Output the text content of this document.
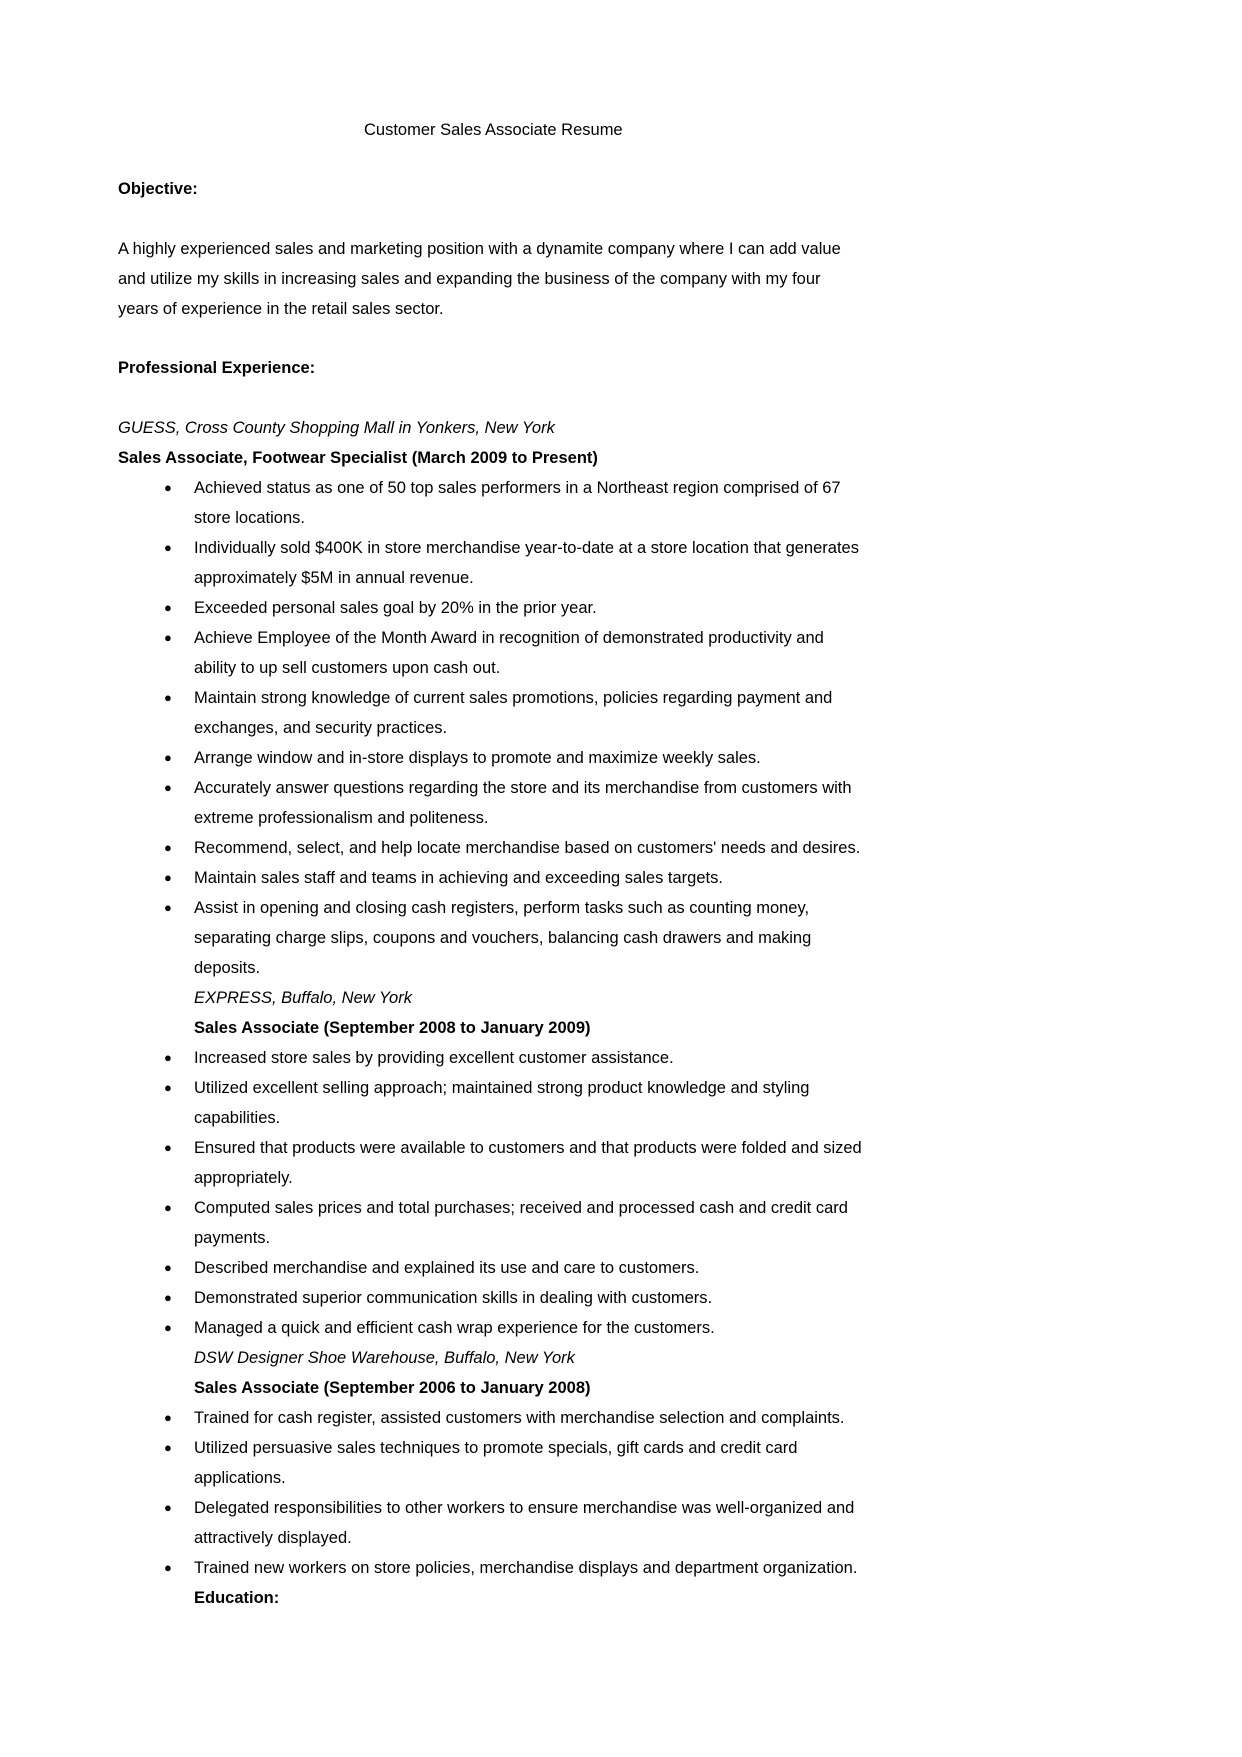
Customer Sales Associate Resume
Objective:
A highly experienced sales and marketing position with a dynamite company where I can add value
and utilize my skills in increasing sales and expanding the business of the company with my four
years of experience in the retail sales sector.
Professional Experience:
GUESS, Cross County Shopping Mall in Yonkers, New York
Sales Associate, Footwear Specialist (March 2009 to Present)
● Achieved status as one of 50 top sales performers in a Northeast region comprised of 67
store locations.
● Individually sold $400K in store merchandise year-to-date at a store location that generates
approximately $5M in annual revenue.
● Exceeded personal sales goal by 20% in the prior year.
● Achieve Employee of the Month Award in recognition of demonstrated productivity and
ability to up sell customers upon cash out.
● Maintain strong knowledge of current sales promotions, policies regarding payment and
exchanges, and security practices.
● Arrange window and in-store displays to promote and maximize weekly sales.
● Accurately answer questions regarding the store and its merchandise from customers with
extreme professionalism and politeness.
● Recommend, select, and help locate merchandise based on customers' needs and desires.
● Maintain sales staff and teams in achieving and exceeding sales targets.
● Assist in opening and closing cash registers, perform tasks such as counting money,
separating charge slips, coupons and vouchers, balancing cash drawers and making
deposits.
EXPRESS, Buffalo, New York
Sales Associate (September 2008 to January 2009)
● Increased store sales by providing excellent customer assistance.
● Utilized excellent selling approach; maintained strong product knowledge and styling
capabilities.
● Ensured that products were available to customers and that products were folded and sized
appropriately.
● Computed sales prices and total purchases; received and processed cash and credit card
payments.
● Described merchandise and explained its use and care to customers.
● Demonstrated superior communication skills in dealing with customers.
● Managed a quick and efficient cash wrap experience for the customers.
DSW Designer Shoe Warehouse, Buffalo, New York
Sales Associate (September 2006 to January 2008)
● Trained for cash register, assisted customers with merchandise selection and complaints.
● Utilized persuasive sales techniques to promote specials, gift cards and credit card
applications.
● Delegated responsibilities to other workers to ensure merchandise was well-organized and
attractively displayed.
● Trained new workers on store policies, merchandise displays and department organization.
Education:
